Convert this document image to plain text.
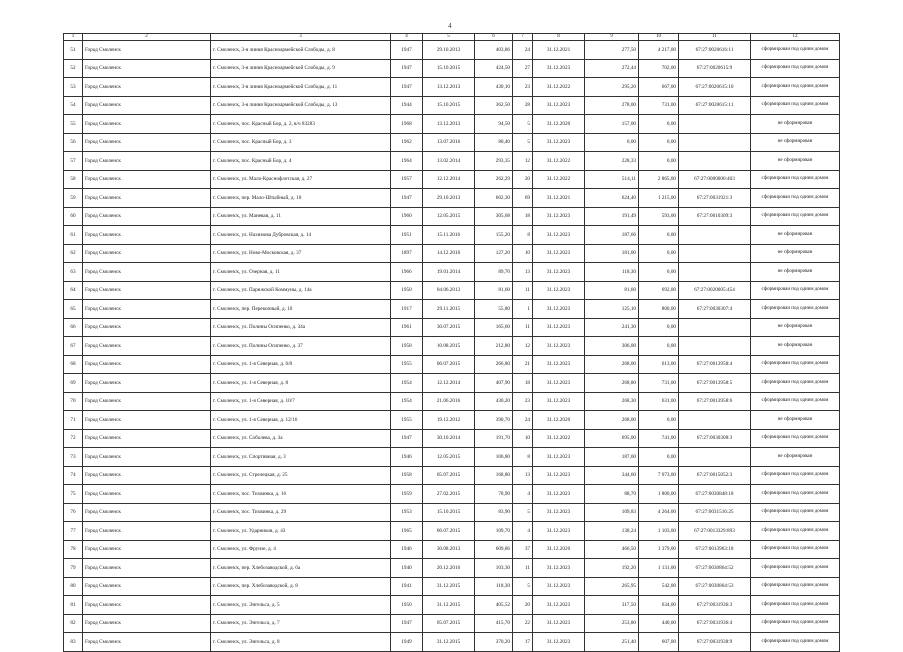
4
1	2	3	4	5	6	7	8	9	10	11	12
51	Город Смоленск	г. Смоленск, 3-я линия Красноармейской Слободы, д. 8	1947	29.10.2013	403,86	24	31.12.2021	277,50	4 217,00	67:27:0020616:11	сформирован под одним домом
52	Город Смоленск	г. Смоленск, 3-я линия Красноармейской Слободы, д. 9	1947	15.10.2015	424,50	27	31.12.2023	272,44	702,00	67:27:0020615:9	сформирован под одним домом
53	Город Смоленск	г. Смоленск, 3-я линия Красноармейской Слободы, д. 11	1947	13.12.2013	430,10	23	31.12.2022	295,20	667,00	67:27:0020615:10	сформирован под одним домом
54	Город Смоленск	г. Смоленск, 3-я линия Красноармейской Слободы, д. 13	1944	15.10.2015	362,50	28	31.12.2023	278,00	731,00	67:27:0020615:11	сформирован под одним домом
55	Город Смоленск	г. Смоленск, пос. Красный Бор, д. 2, в/ч 83283	1968	13.12.2013	94,50	5	31.12.2020	157,00	0,00		не сформирован
56	Город Смоленск	г. Смоленск, пос. Красный Бор, д. 3	1962	13.07.2016	80,40	5	31.12.2023	0,00	0,00		не сформирован
57	Город Смоленск	г. Смоленск, пос. Красный Бор, д. 4	1964	13.02.2014	293,35	12	31.12.2022	228,33	0,00		не сформирован
58	Город Смоленск	г. Смоленск, ул. Мало-Краснофлотская, д. 27	1957	12.12.2014	262,29	20	31.12.2022	514,11	2 865,00	67:27:0000000:403	сформирован под одним домом
59	Город Смоленск	г. Смоленск, пер. Мало-Штыбный, д. 10	1947	29.10.2013	602,30	69	31.12.2021	624,40	1 215,00	67:27:0031921:3	сформирован под одним домом
60	Город Смоленск	г. Смоленск, ул. Маневая, д. 11	1960	12.05.2015	305,68	18	31.12.2023	191,49	593,00	67:27:0010309:3	сформирован под одним домом
61	Город Смоленск	г. Смоленск, ул. Нахимова Дубровская, д. 14	1951	15.11.2016	155,20	8	31.12.2023	187,66	0,00		не сформирован
62	Город Смоленск	г. Смоленск, ул. Ново-Московская, д. 37	1897	14.12.2016	127,20	10	31.12.2023	181,00	0,00		не сформирован
63	Город Смоленск	г. Смоленск, ул. Озерная, д. 11	1966	19.01.2014	89,70	13	31.12.2023	118,30	0,00		не сформирован
64	Город Смоленск	г. Смоленск, ул. Парижской Коммуны, д. 14а	1950	04.06.2013	81,60	11	31.12.2023	81,60	692,00	67:27:0020005:454	сформирован под одним домом
65	Город Смоленск	г. Смоленск, пер. Перекопный, д. 10	1917	29.11.2015	55,80	1	31.12.2023	125,10	800,00	67:27:0030307:4	сформирован под одним домом
66	Город Смоленск	г. Смоленск, ул. Полины Осипенко, д. 34а	1961	30.07.2015	165,60	11	31.12.2023	241,30	0,00		не сформирован
67	Город Смоленск	г. Смоленск, ул. Полины Осипенко, д. 37	1958	10.08.2015	212,80	12	31.12.2023	306,00	0,00		не сформирован
68	Город Смоленск	г. Смоленск, ул. 1-я Северная, д. 6/8	1955	06.07.2015	266,80	21	31.12.2023	268,00	613,00	67:27:0013958:4	сформирован под одним домом
69	Город Смоленск	г. Смоленск, ул. 1-я Северная, д. 8	1954	12.12.2014	407,90	18	31.12.2023	268,80	731,00	67:27:0013958:5	сформирован под одним домом
70	Город Смоленск	г. Смоленск, ул. 1-я Северная, д. 10/7	1954	21.06.2016	430,20	23	31.12.2023	268,30	631,00	67:27:0013958:6	сформирован под одним домом
71	Город Смоленск	г. Смоленск, ул. 1-я Северная, д. 12/16	1955	19.12.2012	390,70	24	31.12.2020	268,00	0,00		не сформирован
72	Город Смоленск	г. Смоленск, ул. Соболева, д. 3а	1947	30.10.2014	191,70	10	31.12.2022	695,00	741,00	67:27:0030308:3	сформирован под одним домом
73	Город Смоленск	г. Смоленск, ул. Спортивная, д. 3	1946	12.05.2015	106,80	8	31.12.2023	187,60	0,00		не сформирован
74	Город Смоленск	г. Смоленск, ул. Стрелецкая, д. 25	1958	05.07.2015	168,80	13	31.12.2023	344,60	7 073,00	67:27:0015052:3	сформирован под одним домом
75	Город Смоленск	г. Смоленск, пос. Тихвинка, д. 16	1959	27.02.2015	78,90	4	31.12.2023	88,70	1 800,00	67:27:0030848:18	сформирован под одним домом
76	Город Смоленск	г. Смоленск, пос. Тихвинка, д. 29	1953	15.10.2015	83,90	5	31.12.2023	109,83	4 264,00	67:27:0031516:25	сформирован под одним домом
77	Город Смоленск	г. Смоленск, ул. Ударников, д. 43	1965	06.07.2015	109,70	4	31.12.2023	138,24	1 103,00	67:27:0013329:893	сформирован под одним домом
78	Город Смоленск	г. Смоленск, ул. Фрунзе, д. 4	1946	30.08.2013	609,86	37	31.12.2020	466,50	1 379,00	67:27:0013963:18	сформирован под одним домом
79	Город Смоленск	г. Смоленск, пер. Хлебозаводской, д. 6а	1940	20.12.2016	103,30	11	31.12.2023	192,20	1 131,00	67:27:0030864:52	сформирован под одним домом
80	Город Смоленск	г. Смоленск, пер. Хлебозаводской, д. 8	1941	31.12.2015	118,30	5	31.12.2023	265,95	542,00	67:27:0030864:53	сформирован под одним домом
81	Город Смоленск	г. Смоленск, ул. Энгельса, д. 5	1950	31.12.2015	405,52	20	31.12.2023	317,50	634,00	67:27:0031936:3	сформирован под одним домом
82	Город Смоленск	г. Смоленск, ул. Энгельса, д. 7	1947	05.07.2015	415,70	22	31.12.2023	253,80	440,00	67:27:0031936:4	сформирован под одним домом
83	Город Смоленск	г. Смоленск, ул. Энгельса, д. 8	1949	31.12.2015	370,20	17	31.12.2023	251,40	607,00	67:27:0031938:9	сформирован под одним домом
